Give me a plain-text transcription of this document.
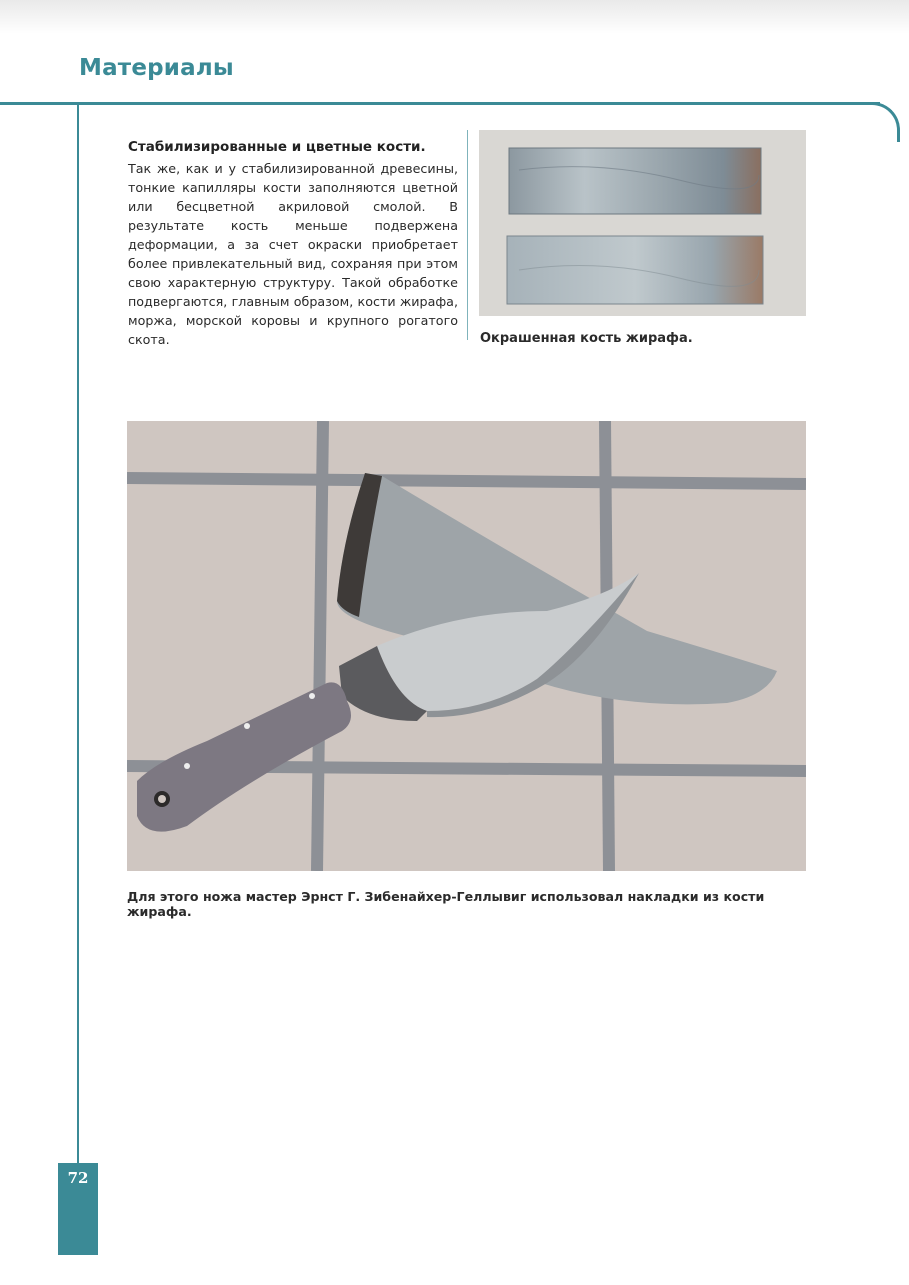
Материалы

Стабилизированные и цветные кости.

Так же, как и у стабилизированной древесины, тонкие капилляры кости заполняются цветной или бесцветной акриловой смолой. В результате кость меньше подвержена деформации, а за счет окраски приобретает более привлекательный вид, сохраняя при этом свою характерную структуру. Такой обработке подвергаются, главным образом, кости жирафа, моржа, морской коровы и крупного рогатого скота.	Окрашенная кость жирафа.
Для этого ножа мастер Эрнст Г. Зибенайхер-Геллывиг использовал накладки из кости жирафа.
72
